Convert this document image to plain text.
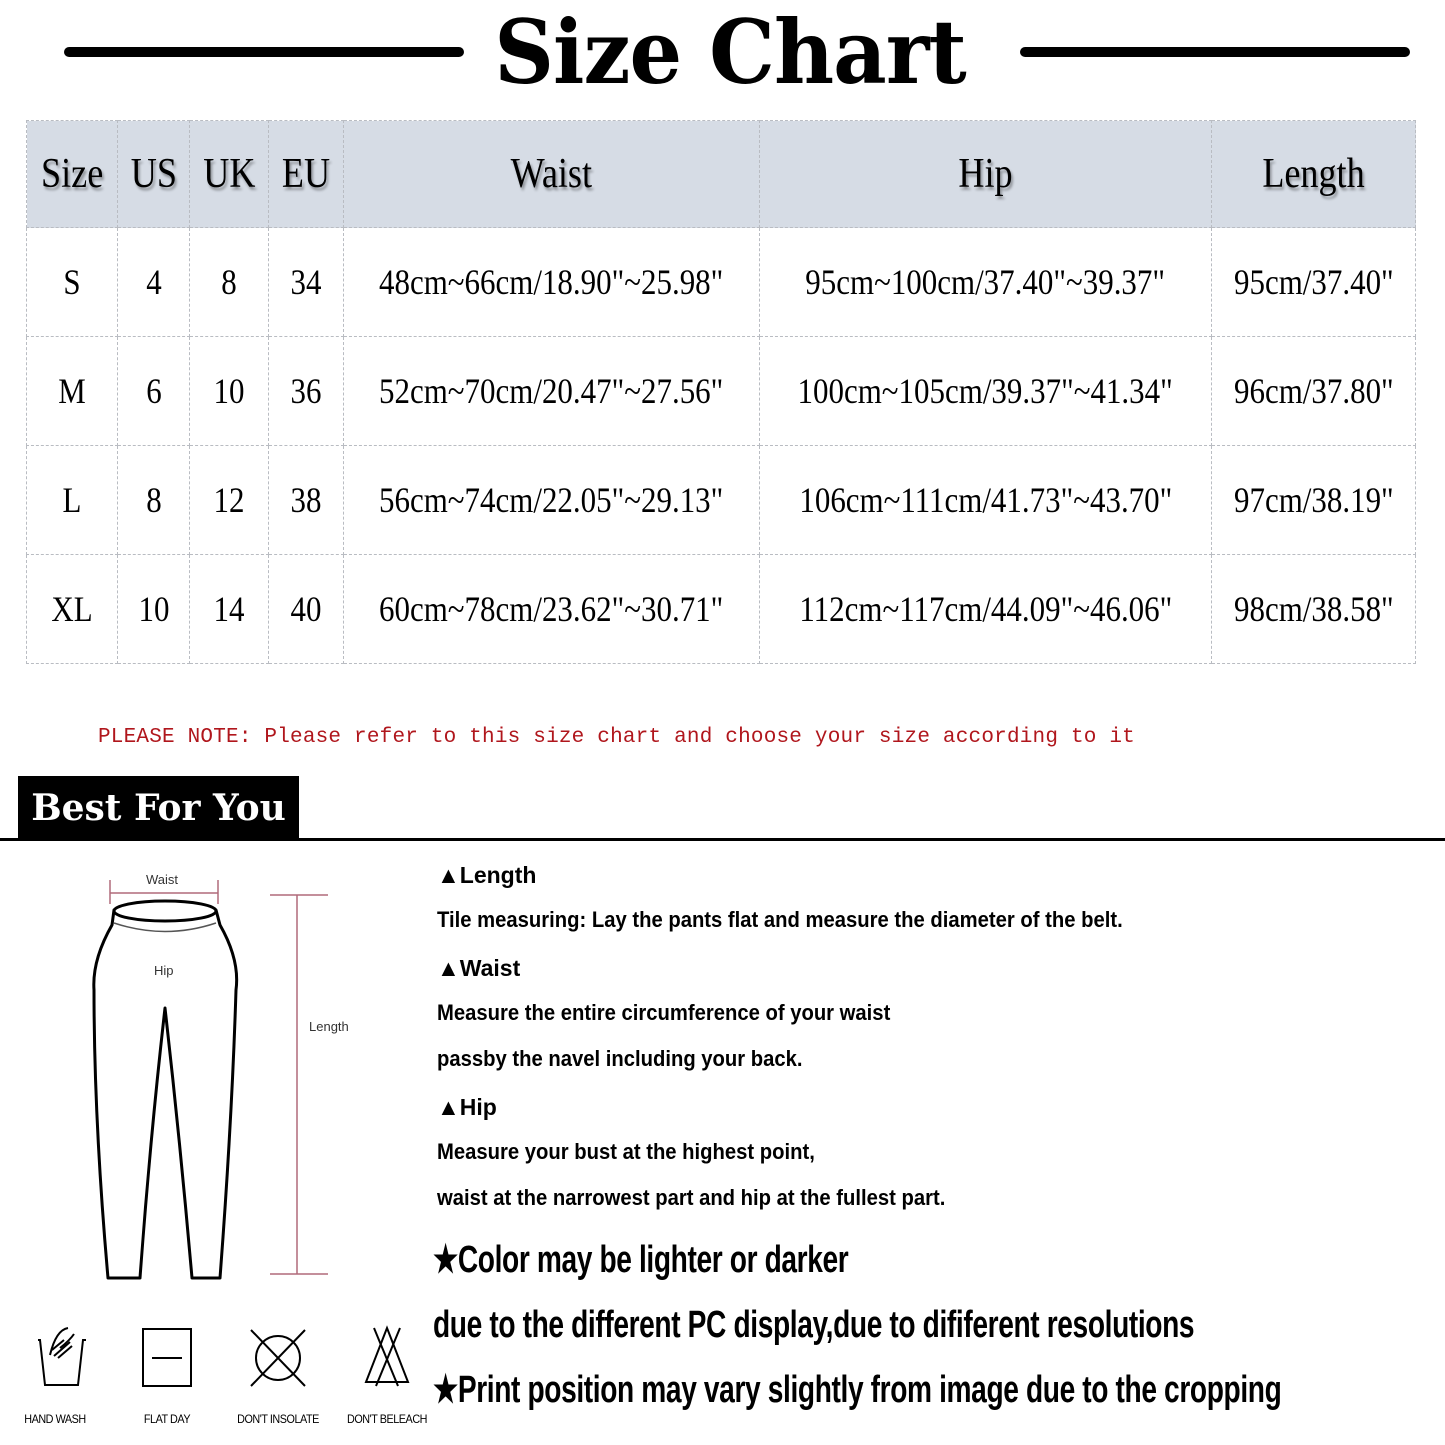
Size Chart
Size	US	UK	EU	Waist	Hip	Length
S	4	8	34	48cm~66cm/18.90"~25.98"	95cm~100cm/37.40"~39.37"	95cm/37.40"
M	6	10	36	52cm~70cm/20.47"~27.56"	100cm~105cm/39.37"~41.34"	96cm/37.80"
L	8	12	38	56cm~74cm/22.05"~29.13"	106cm~111cm/41.73"~43.70"	97cm/38.19"
XL	10	14	40	60cm~78cm/23.62"~30.71"	112cm~117cm/44.09"~46.06"	98cm/38.58"
PLEASE NOTE: Please refer to this size chart and choose your size according to it
Best For You
Waist
Hip
Length
HAND WASH	FLAT DAY	DON'T INSOLATE	DON'T BELEACH
▲Length
Tile measuring: Lay the pants flat and measure the diameter of the belt.
▲Waist
Measure the entire circumference of your waist
passby the navel including your back.
▲Hip
Measure your bust at the highest point,
waist at the narrowest part and hip at the fullest part.
★Color may be lighter or darker
due to the different PC display,due to dififerent resolutions
★Print position may vary slightly from image due to the cropping
